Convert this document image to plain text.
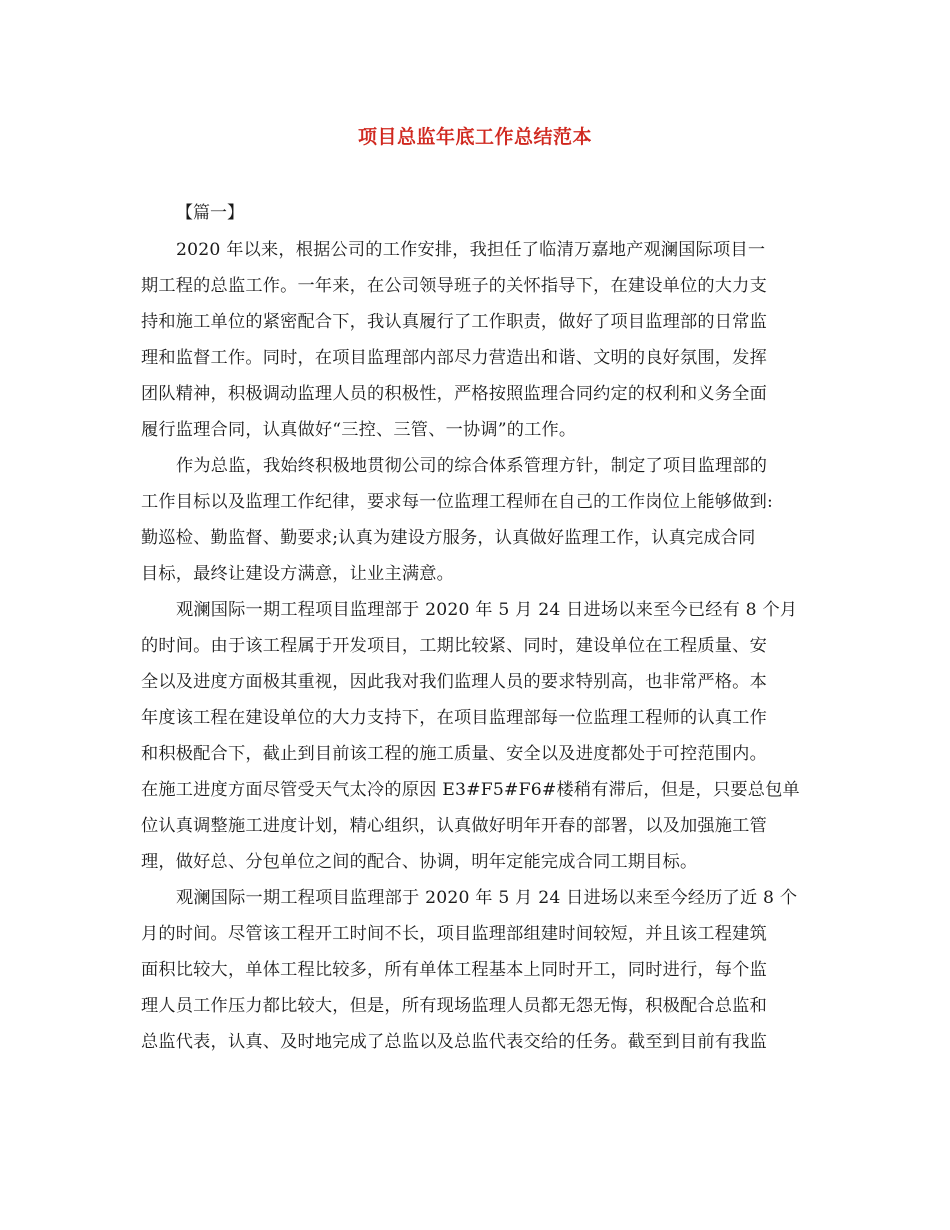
项目总监年底工作总结范本
【篇一】
2020 年以来，根据公司的工作安排，我担任了临清万嘉地产观澜国际项目一
期工程的总监工作。一年来，在公司领导班子的关怀指导下，在建设单位的大力支
持和施工单位的紧密配合下，我认真履行了工作职责，做好了项目监理部的日常监
理和监督工作。同时，在项目监理部内部尽力营造出和谐、文明的良好氛围，发挥
团队精神，积极调动监理人员的积极性，严格按照监理合同约定的权利和义务全面
履行监理合同，认真做好“三控、三管、一协调”的工作。
作为总监，我始终积极地贯彻公司的综合体系管理方针，制定了项目监理部的
工作目标以及监理工作纪律，要求每一位监理工程师在自己的工作岗位上能够做到:
勤巡检、勤监督、勤要求;认真为建设方服务，认真做好监理工作，认真完成合同
目标，最终让建设方满意，让业主满意。
观澜国际一期工程项目监理部于 2020 年 5 月 24 日进场以来至今已经有 8 个月
的时间。由于该工程属于开发项目，工期比较紧、同时，建设单位在工程质量、安
全以及进度方面极其重视，因此我对我们监理人员的要求特别高，也非常严格。本
年度该工程在建设单位的大力支持下，在项目监理部每一位监理工程师的认真工作
和积极配合下，截止到目前该工程的施工质量、安全以及进度都处于可控范围内。
在施工进度方面尽管受天气太冷的原因 E3#F5#F6#楼稍有滞后，但是，只要总包单
位认真调整施工进度计划，精心组织，认真做好明年开春的部署，以及加强施工管
理，做好总、分包单位之间的配合、协调，明年定能完成合同工期目标。
观澜国际一期工程项目监理部于 2020 年 5 月 24 日进场以来至今经历了近 8 个
月的时间。尽管该工程开工时间不长，项目监理部组建时间较短，并且该工程建筑
面积比较大，单体工程比较多，所有单体工程基本上同时开工，同时进行，每个监
理人员工作压力都比较大，但是，所有现场监理人员都无怨无悔，积极配合总监和
总监代表，认真、及时地完成了总监以及总监代表交给的任务。截至到目前有我监
